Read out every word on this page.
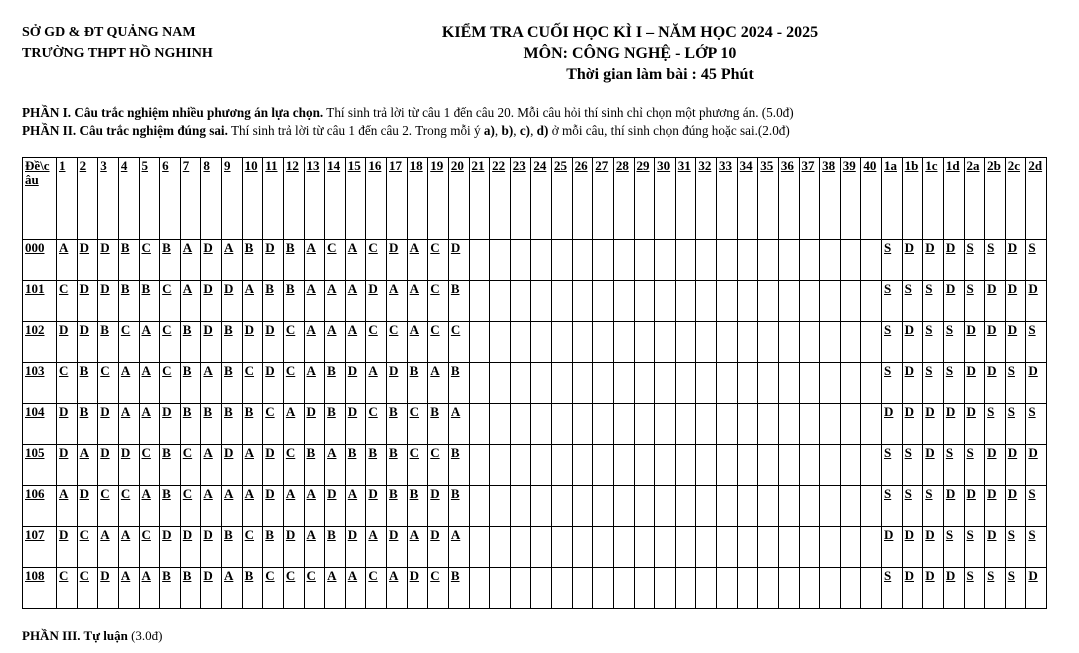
SỞ GD & ĐT QUẢNG NAM
TRƯỜNG THPT HỒ NGHINH
KIỂM TRA CUỐI HỌC KÌ I – NĂM HỌC 2024 - 2025
MÔN: CÔNG NGHỆ - LỚP 10
Thời gian làm bài : 45 Phút
PHẦN I. Câu trắc nghiệm nhiều phương án lựa chọn. Thí sinh trả lời từ câu 1 đến câu 20. Mỗi câu hỏi thí sinh chỉ chọn một phương án. (5.0đ)
PHẦN II. Câu trắc nghiệm đúng sai. Thí sinh trả lời từ câu 1 đến câu 2. Trong mỗi ý a), b), c), d) ở mỗi câu, thí sinh chọn đúng hoặc sai.(2.0đ)
Đề\câu	1	2	3	4	5	6	7	8	9	10	11	12	13	14	15	16	17	18	19	20	21	22	23	24	25	26	27	28	29	30	31	32	33	34	35	36	37	38	39	40	1a	1b	1c	1d	2a	2b	2c	2d
000	A	D	D	B	C	B	A	D	A	B	D	B	A	C	A	C	D	A	C	D																					S	D	D	D	S	S	D	S
101	C	D	D	B	B	C	A	D	D	A	B	B	A	A	A	D	A	A	C	B																					S	S	S	D	S	D	D	D
102	D	D	B	C	A	C	B	D	B	D	D	C	A	A	A	C	C	A	C	C																					S	D	S	S	D	D	D	S
103	C	B	C	A	A	C	B	A	B	C	D	C	A	B	D	A	D	B	A	B																					S	D	S	S	D	D	S	D
104	D	B	D	A	A	D	B	B	B	B	C	A	D	B	D	C	B	C	B	A																					D	D	D	D	D	S	S	S
105	D	A	D	D	C	B	C	A	D	A	D	C	B	A	B	B	B	C	C	B																					S	S	D	S	S	D	D	D
106	A	D	C	C	A	B	C	A	A	A	D	A	A	D	A	D	B	B	D	B																					S	S	S	D	D	D	D	S
107	D	C	A	A	C	D	D	D	B	C	B	D	A	B	D	A	D	A	D	A																					D	D	D	S	S	D	S	S
108	C	C	D	A	A	B	B	D	A	B	C	C	C	A	A	C	A	D	C	B																					S	D	D	D	S	S	S	D
PHẦN III. Tự luận (3.0đ)
